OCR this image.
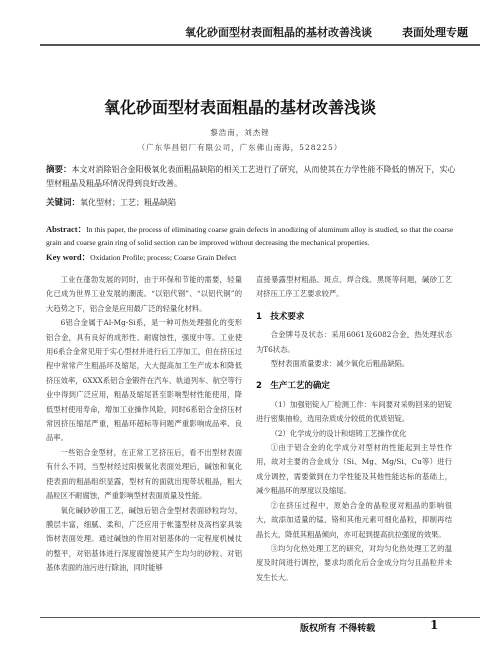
氧化砂面型材表面粗晶的基材改善浅谈	表面处理专题
氧化砂面型材表面粗晶的基材改善浅谈
黎浩南，刘杰锉
（广东华昌铝厂有限公司，广东佛山南海，528225）
摘要：本文对消除铝合金阳极氧化表面粗晶缺陷的相关工艺进行了研究，从而使其在力学性能不降低的情况下，实心型材粗晶及粗晶环情况得到良好改善。
关键词：氧化型材；工艺；粗晶缺陷
Abstract：In this paper, the process of eliminating coarse grain defects in anodizing of aluminum alloy is studied, so that the coarse grain and coarse grain ring of solid section can be improved without decreasing the mechanical properties.
Key word：Oxidation Profile; process; Coarse Grain Defect

工业在蓬勃发展的同时，由于环保和节能的需要，轻量化已成为世界工业发展的潮流。“以铝代钢”、“以铝代铜”的大趋势之下，铝合金是应用最广泛的轻量化材料。

6铝合金属于Al-Mg-Si系，是一种可热处理强化的变形铝合金，具有良好的成形性、耐腐蚀性，强度中等。工业使用6系合金常见用于实心型材并进行后工序加工，但在挤压过程中常常产生粗晶环及缩尾，大大提高加工生产成本和降低挤压效率，6XXX系铝合金锻件在汽车、轨道列车、航空等行业中得到广泛应用，粗晶及缩尾甚至影响型材性能使用，降低型材使用寿命，增加工业操作风险，同时6系铝合金挤压材常因挤压缩尾严重，粗晶环超标等问题严重影响成品率、良品率。

一些铝合金型材，在正常工艺挤压后，看不出型材表面有什么不同，当型材经过阳极氧化表面处理后，碱蚀和氧化使表面的粗晶组织显露，型材有的面就出现带状粗晶，粗大晶粒区不耐腐蚀，严重影响型材表面质量及性能。

氧化碱砂砂面工艺，碱蚀后铝合金型材表面砂粒均匀，膜层丰富，细腻、柔和，广泛应用于帐篷型材及高档家具装饰材表面处理。通过碱蚀的作用对铝基体的一定程度机械仗的整平，对铝基体进行深度腐蚀使其产生均匀的砂粒、对铝基体表面的油污进行除油，同时能够

直接暴露型材粗晶、斑点、焊合线、黑斑等问题，碱砂工艺对挤压工序工艺要求较严。

1　技术要求

合金牌号及状态：采用6061及6082合金，热处理状态为T6状态。

型材表面质量要求：减少氧化后粗晶缺陷。

2　生产工艺的确定

（1）加强铝锭入厂检测工作：车间要对采购回来的铝锭进行密集抽检，选用杂质成分较低的优质铝锭。

（2）化学成分的设计和熔铸工艺操作优化

①由于铝合金的化学成分对型材的性能起到主导性作用，故对主要的合金成分（Si、Mg、Mg/Si、Cu等）进行成分调控，需要做到在力学性能及其他性能达标的基础上，减少粗晶环的厚度以及缩尾。

②在挤压过程中，原始合金的晶粒度对粗晶的影响很大，故添加适量的锰、铬和其他元素可细化晶粒，抑制再结晶长大，降低其粗晶倾向，亦可起到提高抗拉强度的效果。

③均匀化热处理工艺的研究，对均匀化热处理工艺的温度及时间进行调控，要求均质化后合金成分均匀且晶粒并未发生长大。

版权所有 不得转载	1
